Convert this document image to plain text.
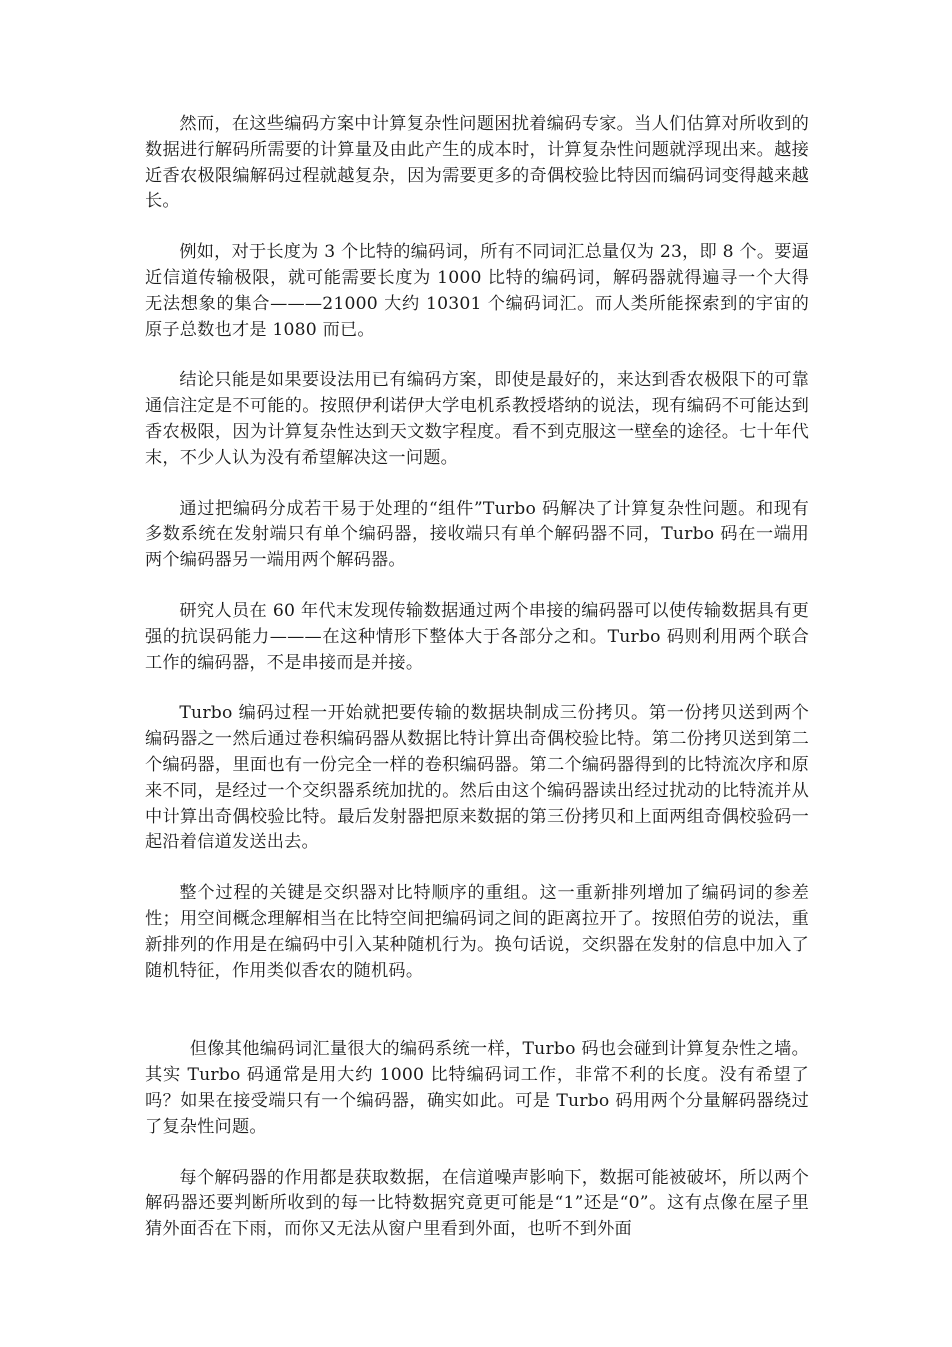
然而，在这些编码方案中计算复杂性问题困扰着编码专家。当人们估算对所收到的数据进行解码所需要的计算量及由此产生的成本时，计算复杂性问题就浮现出来。越接近香农极限编解码过程就越复杂，因为需要更多的奇偶校验比特因而编码词变得越来越长。

例如，对于长度为 3 个比特的编码词，所有不同词汇总量仅为 23，即 8 个。要逼近信道传输极限，就可能需要长度为 1000 比特的编码词，解码器就得遍寻一个大得无法想象的集合———21000 大约 10301 个编码词汇。而人类所能探索到的宇宙的原子总数也才是 1080 而已。

结论只能是如果要设法用已有编码方案，即使是最好的，来达到香农极限下的可靠通信注定是不可能的。按照伊利诺伊大学电机系教授塔纳的说法，现有编码不可能达到香农极限，因为计算复杂性达到天文数字程度。看不到克服这一壁垒的途径。七十年代末，不少人认为没有希望解决这一问题。

通过把编码分成若干易于处理的“组件”Turbo 码解决了计算复杂性问题。和现有多数系统在发射端只有单个编码器，接收端只有单个解码器不同，Turbo 码在一端用两个编码器另一端用两个解码器。

研究人员在 60 年代末发现传输数据通过两个串接的编码器可以使传输数据具有更强的抗误码能力———在这种情形下整体大于各部分之和。Turbo 码则利用两个联合工作的编码器，不是串接而是并接。

Turbo 编码过程一开始就把要传输的数据块制成三份拷贝。第一份拷贝送到两个编码器之一然后通过卷积编码器从数据比特计算出奇偶校验比特。第二份拷贝送到第二个编码器，里面也有一份完全一样的卷积编码器。第二个编码器得到的比特流次序和原来不同，是经过一个交织器系统加扰的。然后由这个编码器读出经过扰动的比特流并从中计算出奇偶校验比特。最后发射器把原来数据的第三份拷贝和上面两组奇偶校验码一起沿着信道发送出去。

整个过程的关键是交织器对比特顺序的重组。这一重新排列增加了编码词的参差性；用空间概念理解相当在比特空间把编码词之间的距离拉开了。按照伯劳的说法，重新排列的作用是在编码中引入某种随机行为。换句话说，交织器在发射的信息中加入了随机特征，作用类似香农的随机码。

但像其他编码词汇量很大的编码系统一样，Turbo 码也会碰到计算复杂性之墙。其实 Turbo 码通常是用大约 1000 比特编码词工作，非常不利的长度。没有希望了吗？如果在接受端只有一个编码器，确实如此。可是 Turbo 码用两个分量解码器绕过了复杂性问题。

每个解码器的作用都是获取数据，在信道噪声影响下，数据可能被破坏，所以两个解码器还要判断所收到的每一比特数据究竟更可能是“1”还是“0”。这有点像在屋子里猜外面否在下雨，而你又无法从窗户里看到外面，也听不到外面
